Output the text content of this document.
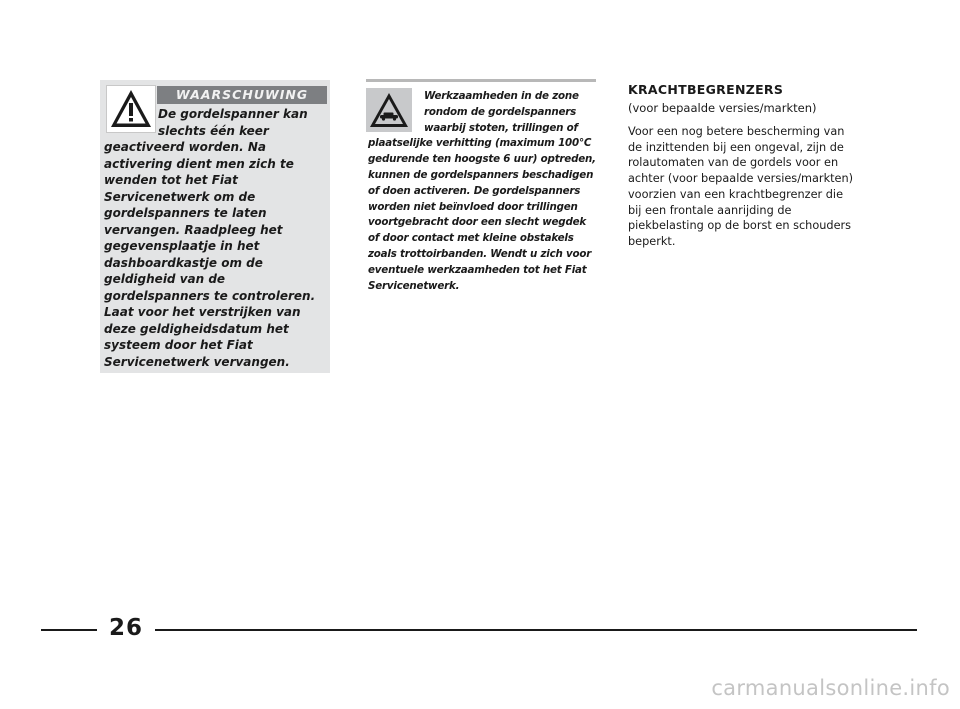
WAARSCHUWING

De gordelspanner kan slechts één keer geactiveerd worden. Na activering dient men zich te wenden tot het Fiat Servicenetwerk om de gordelspanners te laten vervangen. Raadpleeg het gegevensplaatje in het dashboardkastje om de geldigheid van de gordelspanners te controleren. Laat voor het verstrijken van deze geldigheidsdatum het systeem door het Fiat Servicenetwerk vervangen.

Werkzaamheden in de zone rondom de gordelspanners waarbij stoten, trillingen of plaatselijke verhitting (maximum 100°C gedurende ten hoogste 6 uur) optreden, kunnen de gordelspanners beschadigen of doen activeren. De gordelspanners worden niet beïnvloed door trillingen voortgebracht door een slecht wegdek of door contact met kleine obstakels zoals trottoirbanden. Wendt u zich voor eventuele werkzaamheden tot het Fiat Servicenetwerk.

KRACHTBEGRENZERS

(voor bepaalde versies/markten)

Voor een nog betere bescherming van de inzittenden bij een ongeval, zijn de rolautomaten van de gordels voor en achter (voor bepaalde versies/markten) voorzien van een krachtbegrenzer die bij een frontale aanrijding de piekbelasting op de borst en schouders beperkt.

26
carmanualsonline.info
